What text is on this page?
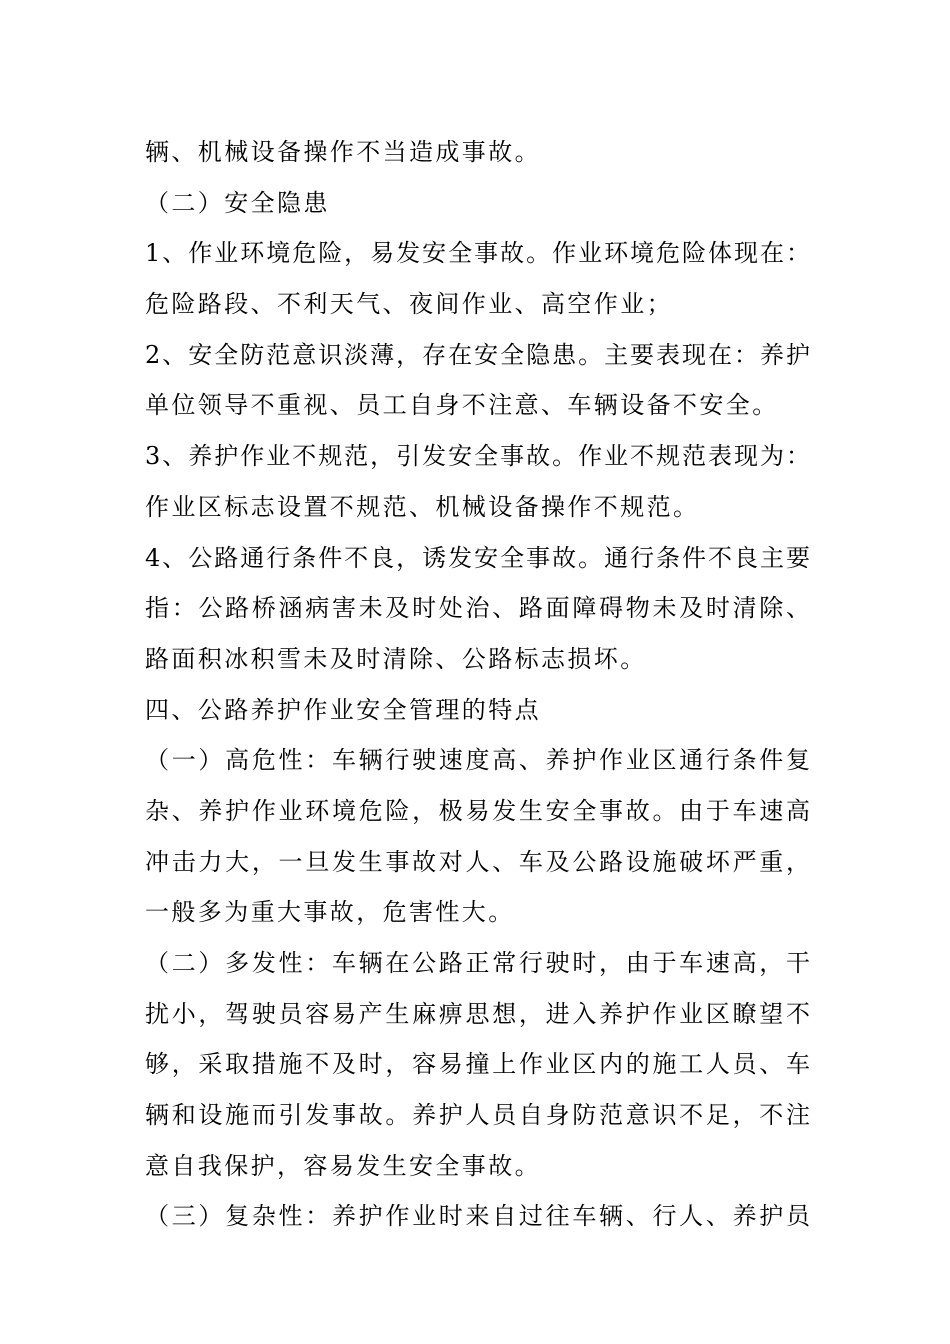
辆、机械设备操作不当造成事故。
（二）安全隐患
1、作业环境危险，易发安全事故。作业环境危险体现在：
危险路段、不利天气、夜间作业、高空作业；
2、安全防范意识淡薄，存在安全隐患。主要表现在：养护
单位领导不重视、员工自身不注意、车辆设备不安全。
3、养护作业不规范，引发安全事故。作业不规范表现为：
作业区标志设置不规范、机械设备操作不规范。
4、公路通行条件不良，诱发安全事故。通行条件不良主要
指：公路桥涵病害未及时处治、路面障碍物未及时清除、
路面积冰积雪未及时清除、公路标志损坏。
四、公路养护作业安全管理的特点
（一）高危性：车辆行驶速度高、养护作业区通行条件复
杂、养护作业环境危险，极易发生安全事故。由于车速高
冲击力大，一旦发生事故对人、车及公路设施破坏严重，
一般多为重大事故，危害性大。
（二）多发性：车辆在公路正常行驶时，由于车速高，干
扰小，驾驶员容易产生麻痹思想，进入养护作业区瞭望不
够，采取措施不及时，容易撞上作业区内的施工人员、车
辆和设施而引发事故。养护人员自身防范意识不足，不注
意自我保护，容易发生安全事故。
（三）复杂性：养护作业时来自过往车辆、行人、养护员
